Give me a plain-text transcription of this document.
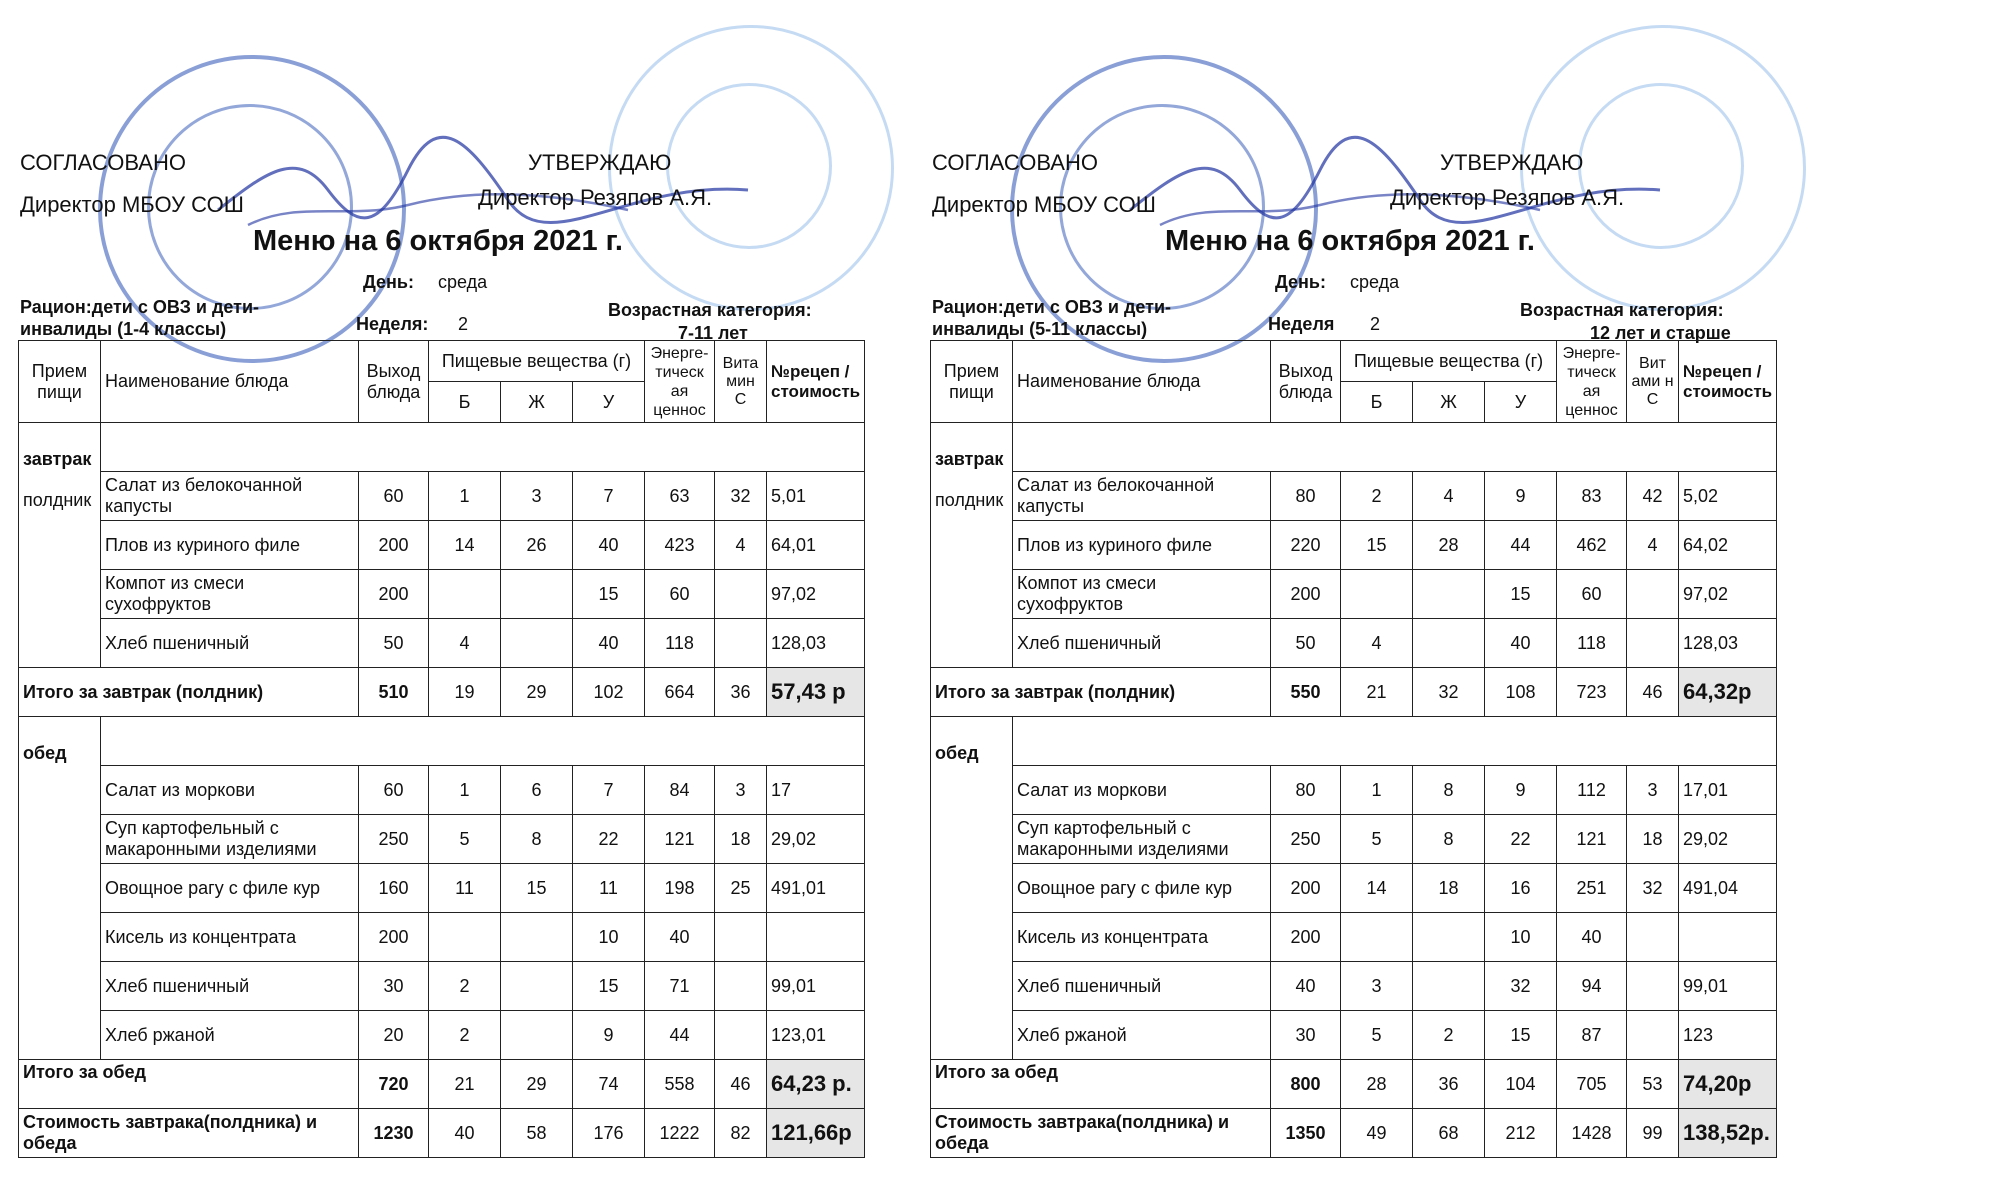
СОГЛАСОВАНО
Директор МБОУ СОШ
УТВЕРЖДАЮ
Директор Резяпов А.Я.
Меню на 6 октября 2021 г.
День: среда
Рацион:дети с ОВЗ и дети-инвалиды (1-4 классы)	Неделя: 2
Возрастная категория:
7-11 лет
Прием пищи	Наименование блюда	Выход блюда	Пищевые вещества (г)			Энерге- тическ ая ценнос	Вита мин С	№рецеп /стоимость
			Б	Ж	У			

завтрак
полдник								

	Салат из белокочанной капусты	60	1	3	7	63	32	5,01
	Плов из куриного филе	200	14	26	40	423	4	64,01
	Компот из смеси сухофруктов	200			15	60		97,02
	Хлеб пшеничный	50	4		40	118		128,03
Итого за завтрак (полдник)		510	19	29	102	664	36	57,43 р
обед								
	Салат из моркови	60	1	6	7	84	3	17
	Суп картофельный с макаронными изделиями	250	5	8	22	121	18	29,02
	Овощное рагу с филе кур	160	11	15	11	198	25	491,01
	Кисель из концентрата	200			10	40		
	Хлеб пшеничный	30	2		15	71		99,01
	Хлеб ржаной	20	2		9	44		123,01
Итого за обед		720	21	29	74	558	46	64,23 р.
Стоимость завтрака(полдника) и обеда		1230	40	58	176	1222	82	121,66р
СОГЛАСОВАНО
Директор МБОУ СОШ
УТВЕРЖДАЮ
Директор Резяпов А.Я.
Меню на 6 октября 2021 г.
День: среда
Рацион:дети с ОВЗ и дети-инвалиды (5-11 классы)	Неделя 2
Возрастная категория:
12 лет и старше
Прием пищи	Наименование блюда	Выход блюда	Пищевые вещества (г)			Энерге- тическ ая ценнос	Вит ами н С	№рецеп /стоимость
			Б	Ж	У			

завтрак
полдник								

	Салат из белокочанной капусты	80	2	4	9	83	42	5,02
	Плов из куриного филе	220	15	28	44	462	4	64,02
	Компот из смеси сухофруктов	200			15	60		97,02
	Хлеб пшеничный	50	4		40	118		128,03
Итого за завтрак (полдник)		550	21	32	108	723	46	64,32р
обед								
	Салат из моркови	80	1	8	9	112	3	17,01
	Суп картофельный с макаронными изделиями	250	5	8	22	121	18	29,02
	Овощное рагу с филе кур	200	14	18	16	251	32	491,04
	Кисель из концентрата	200			10	40		
	Хлеб пшеничный	40	3		32	94		99,01
	Хлеб ржаной	30	5	2	15	87		123
Итого за обед		800	28	36	104	705	53	74,20р
Стоимость завтрака(полдника) и обеда		1350	49	68	212	1428	99	138,52р.
